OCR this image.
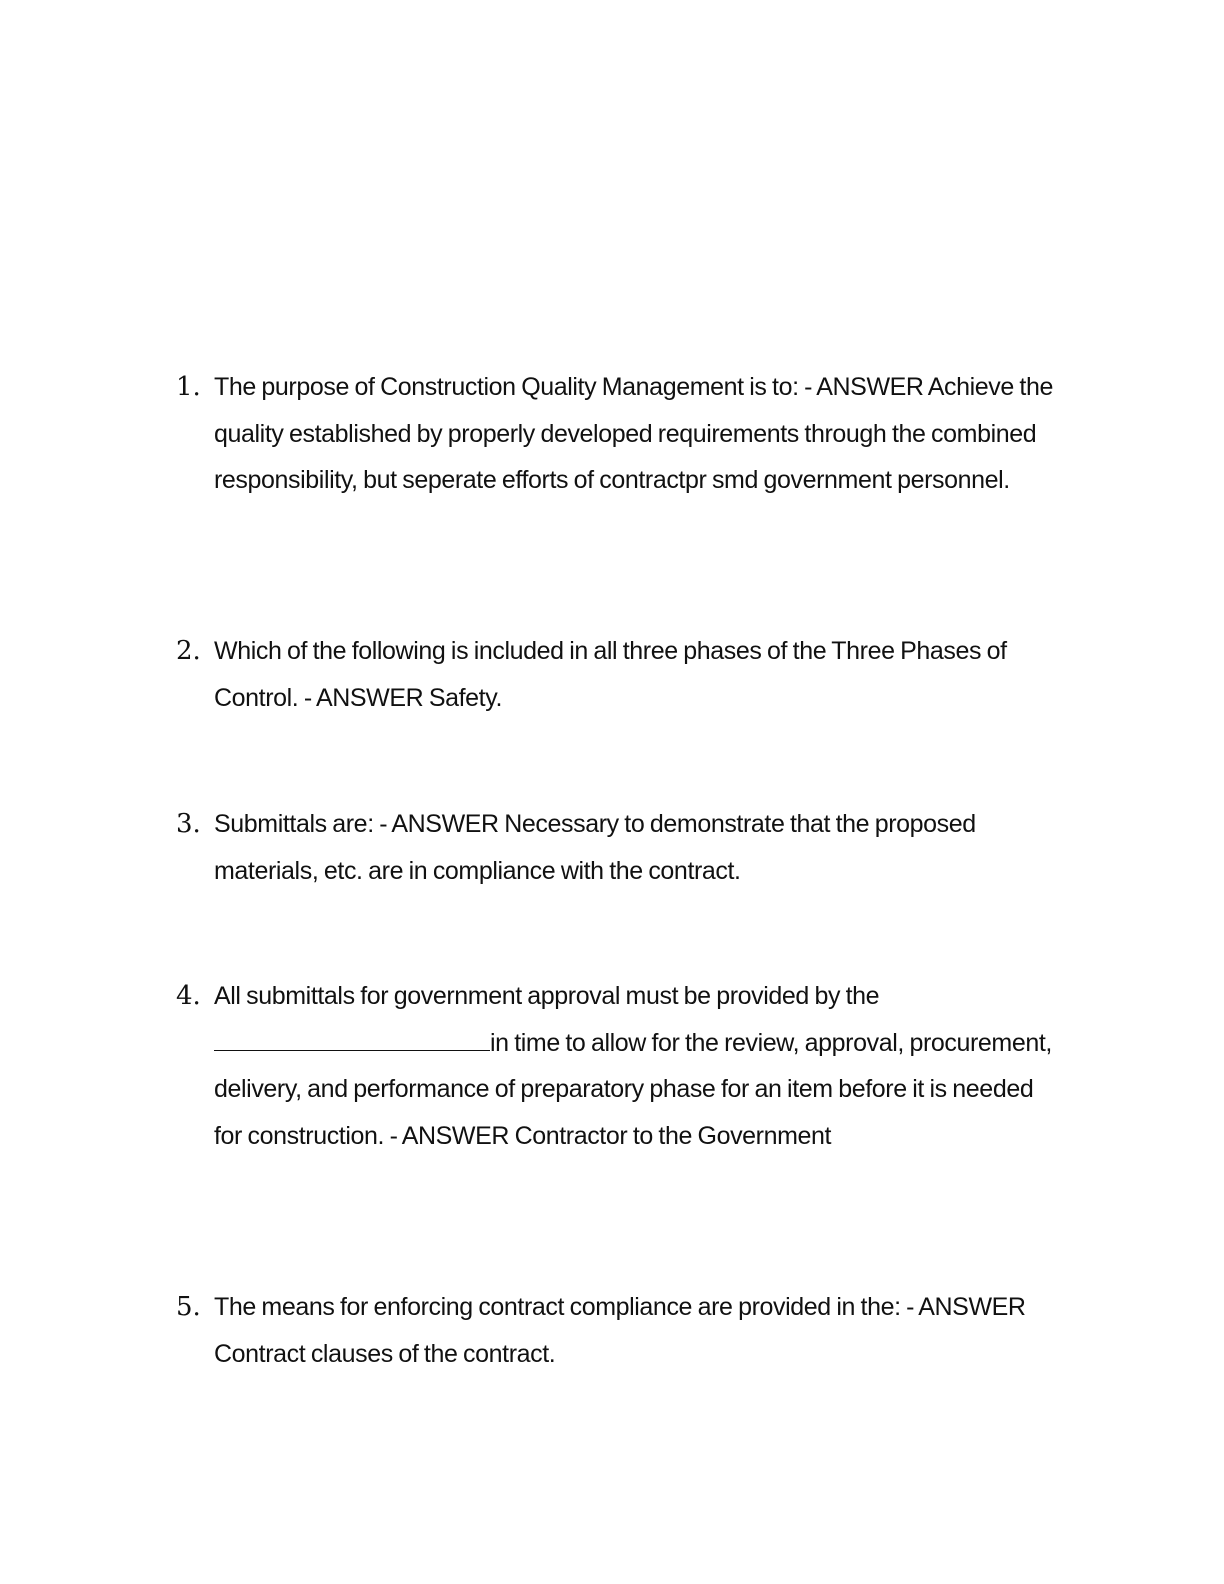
1. The purpose of Construction Quality Management is to: - ANSWER Achieve the quality established by properly developed requirements through the combined responsibility, but seperate efforts of contractpr smd government personnel.
2. Which of the following is included in all three phases of the Three Phases of Control. - ANSWER Safety.
3. Submittals are: - ANSWER Necessary to demonstrate that the proposed materials, etc. are in compliance with the contract.
4. All submittals for government approval must be provided by the
in time to allow for the review, approval, procurement, delivery, and performance of preparatory phase for an item before it is needed for construction. - ANSWER Contractor to the Government
5. The means for enforcing contract compliance are provided in the: - ANSWER Contract clauses of the contract.
